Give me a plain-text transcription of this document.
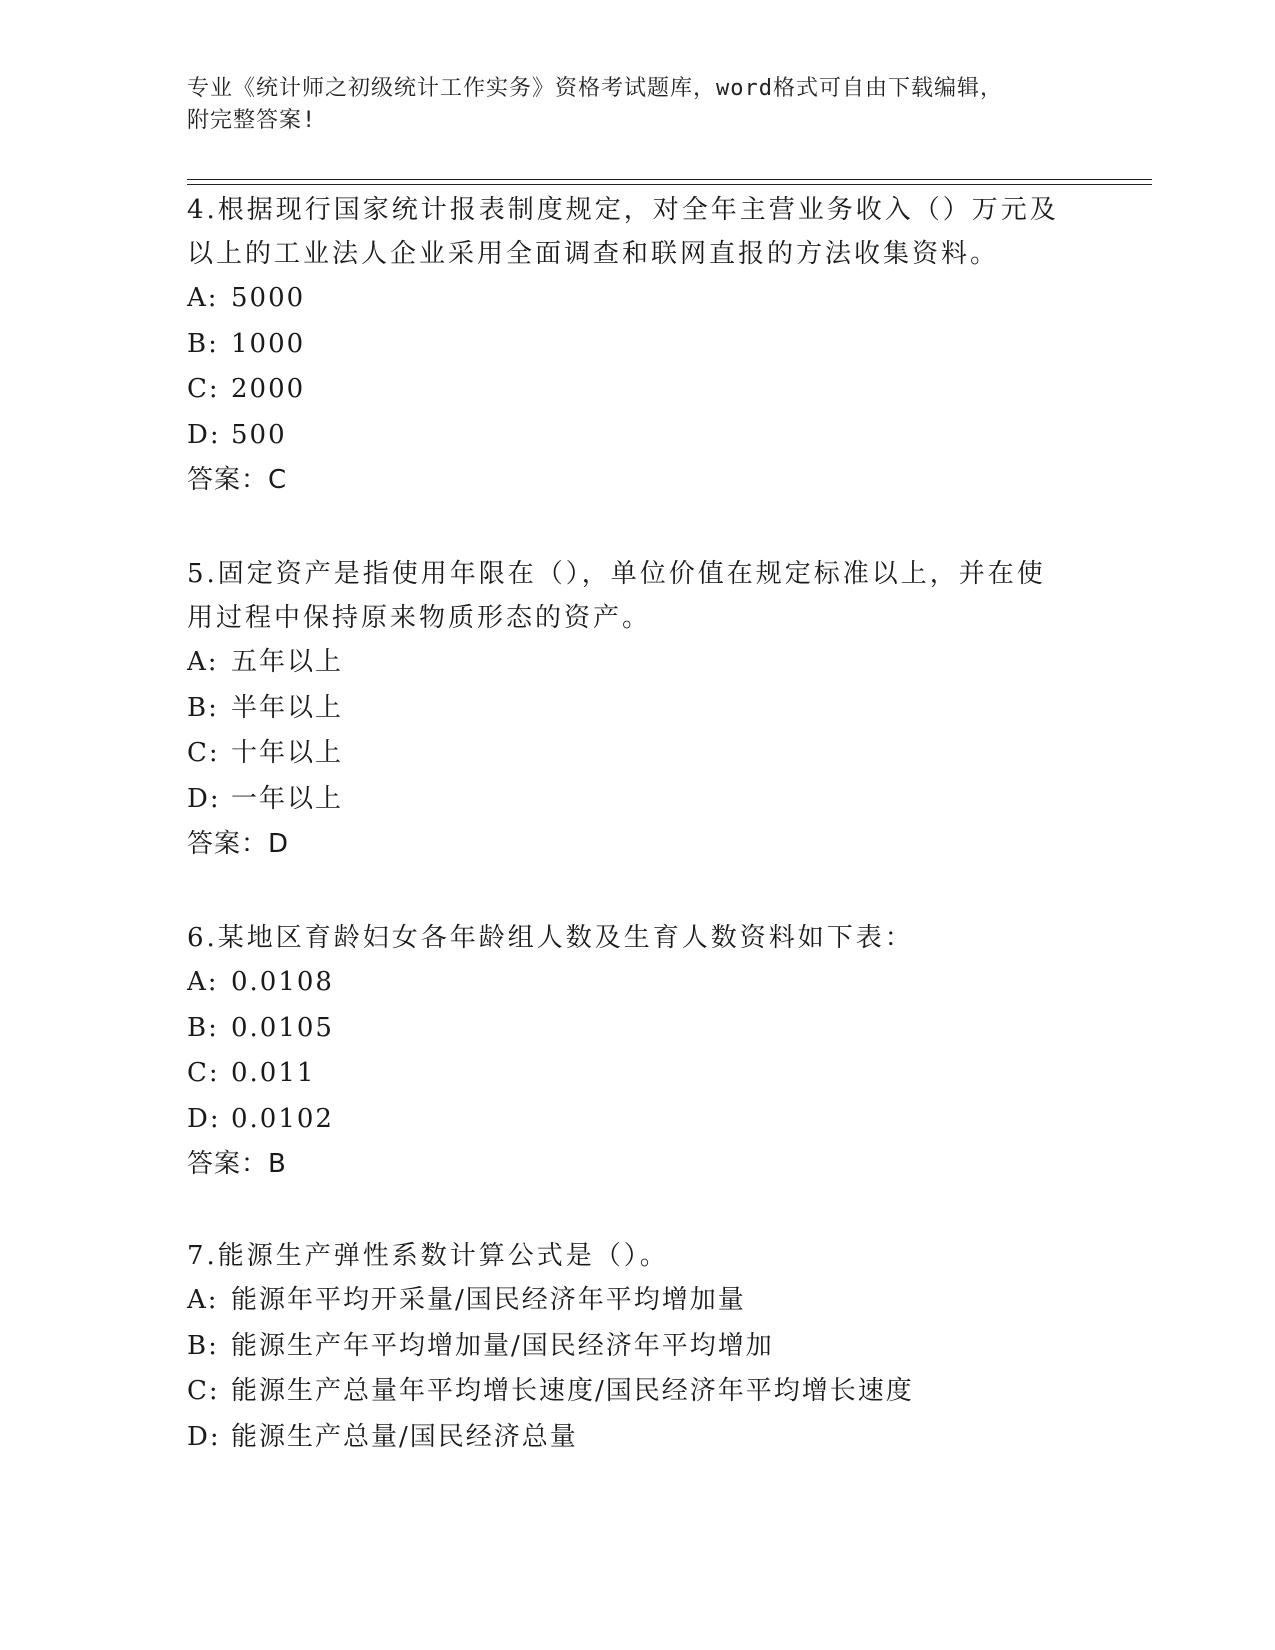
专业《统计师之初级统计工作实务》资格考试题库，word格式可自由下载编辑，
附完整答案!

4.根据现行国家统计报表制度规定，对全年主营业务收入（）万元及以上的工业法人企业采用全面调查和联网直报的方法收集资料。

A: 5000

B: 1000

C: 2000

D: 500

答案：C

5.固定资产是指使用年限在（），单位价值在规定标准以上，并在使用过程中保持原来物质形态的资产。

A: 五年以上

B: 半年以上

C: 十年以上

D: 一年以上

答案：D

6.某地区育龄妇女各年龄组人数及生育人数资料如下表：

A: 0.0108

B: 0.0105

C: 0.011

D: 0.0102

答案：B

7.能源生产弹性系数计算公式是（）。

A: 能源年平均开采量/国民经济年平均增加量

B: 能源生产年平均增加量/国民经济年平均增加

C: 能源生产总量年平均增长速度/国民经济年平均增长速度

D: 能源生产总量/国民经济总量
